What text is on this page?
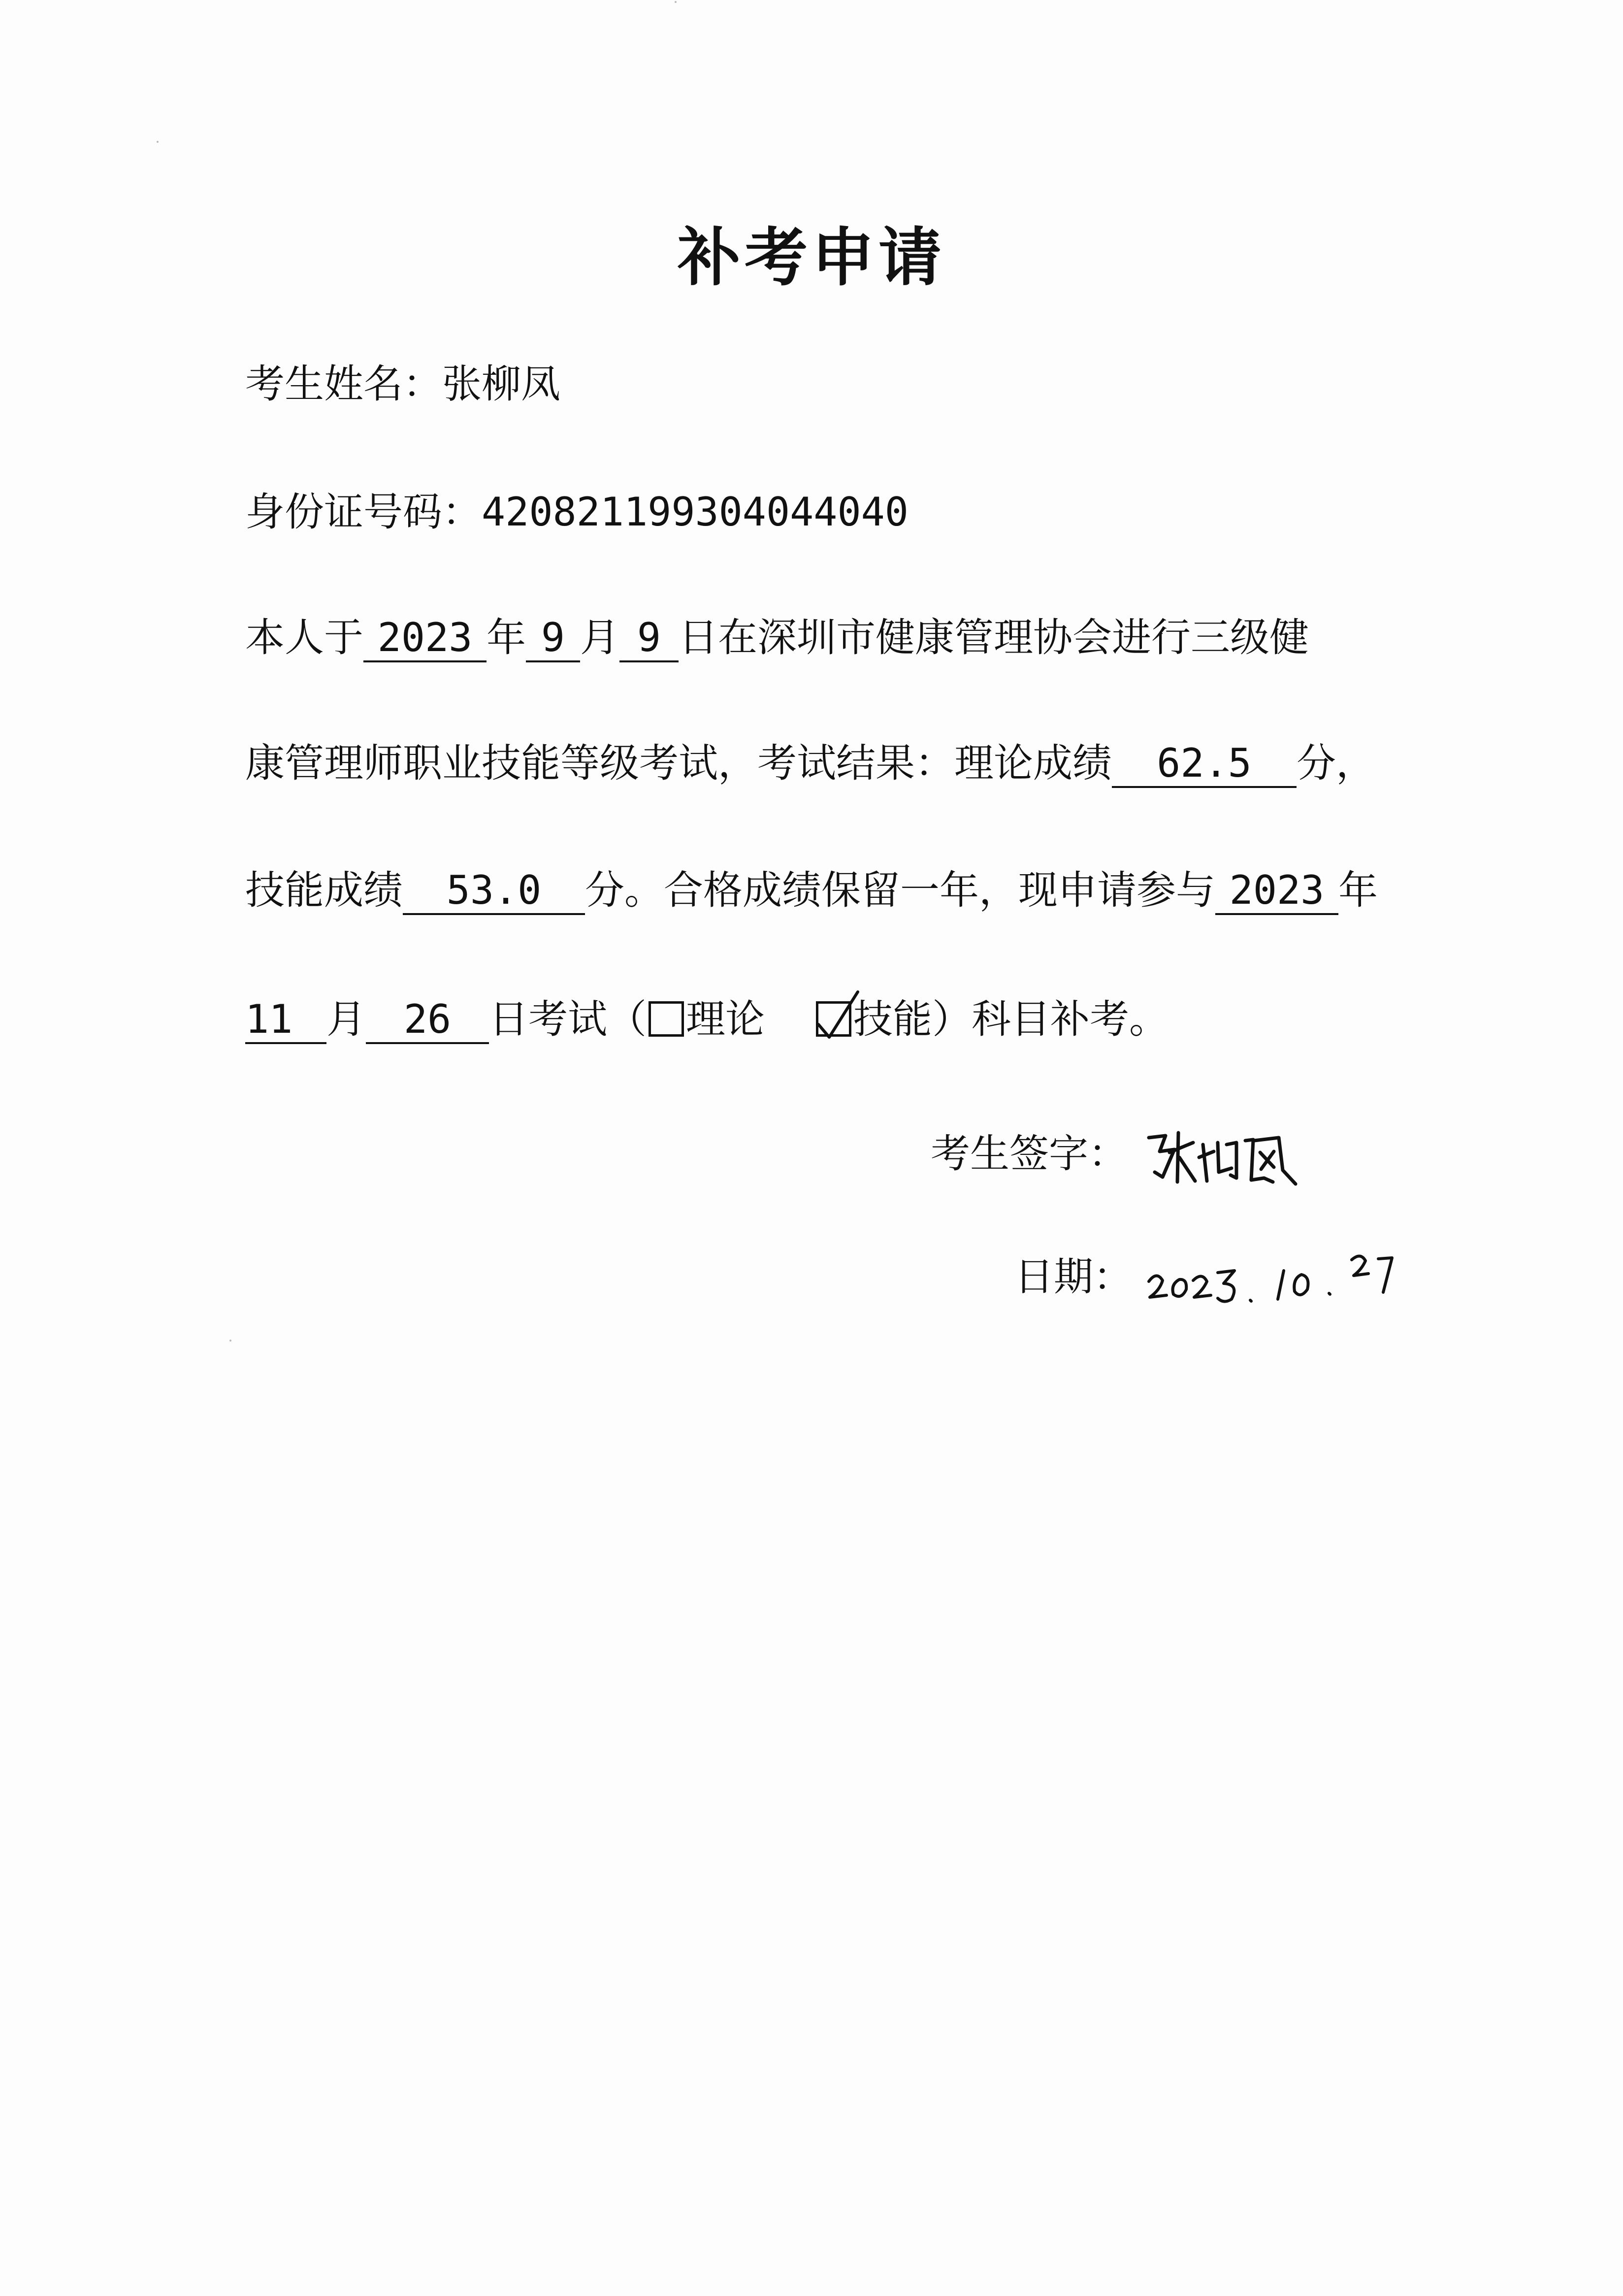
补考申请
考生姓名：张柳凤
身份证号码：420821199304044040
本人于 2023 年 9 月 9 日在深圳市健康管理协会进行三级健
康管理师职业技能等级考试，考试结果：理论成绩 62.5 分，
技能成绩 53.0 分。合格成绩保留一年，现申请参与 2023 年
11 月 26 日考试（ 理论 技能）科目补考。
考生签字：
日期：
